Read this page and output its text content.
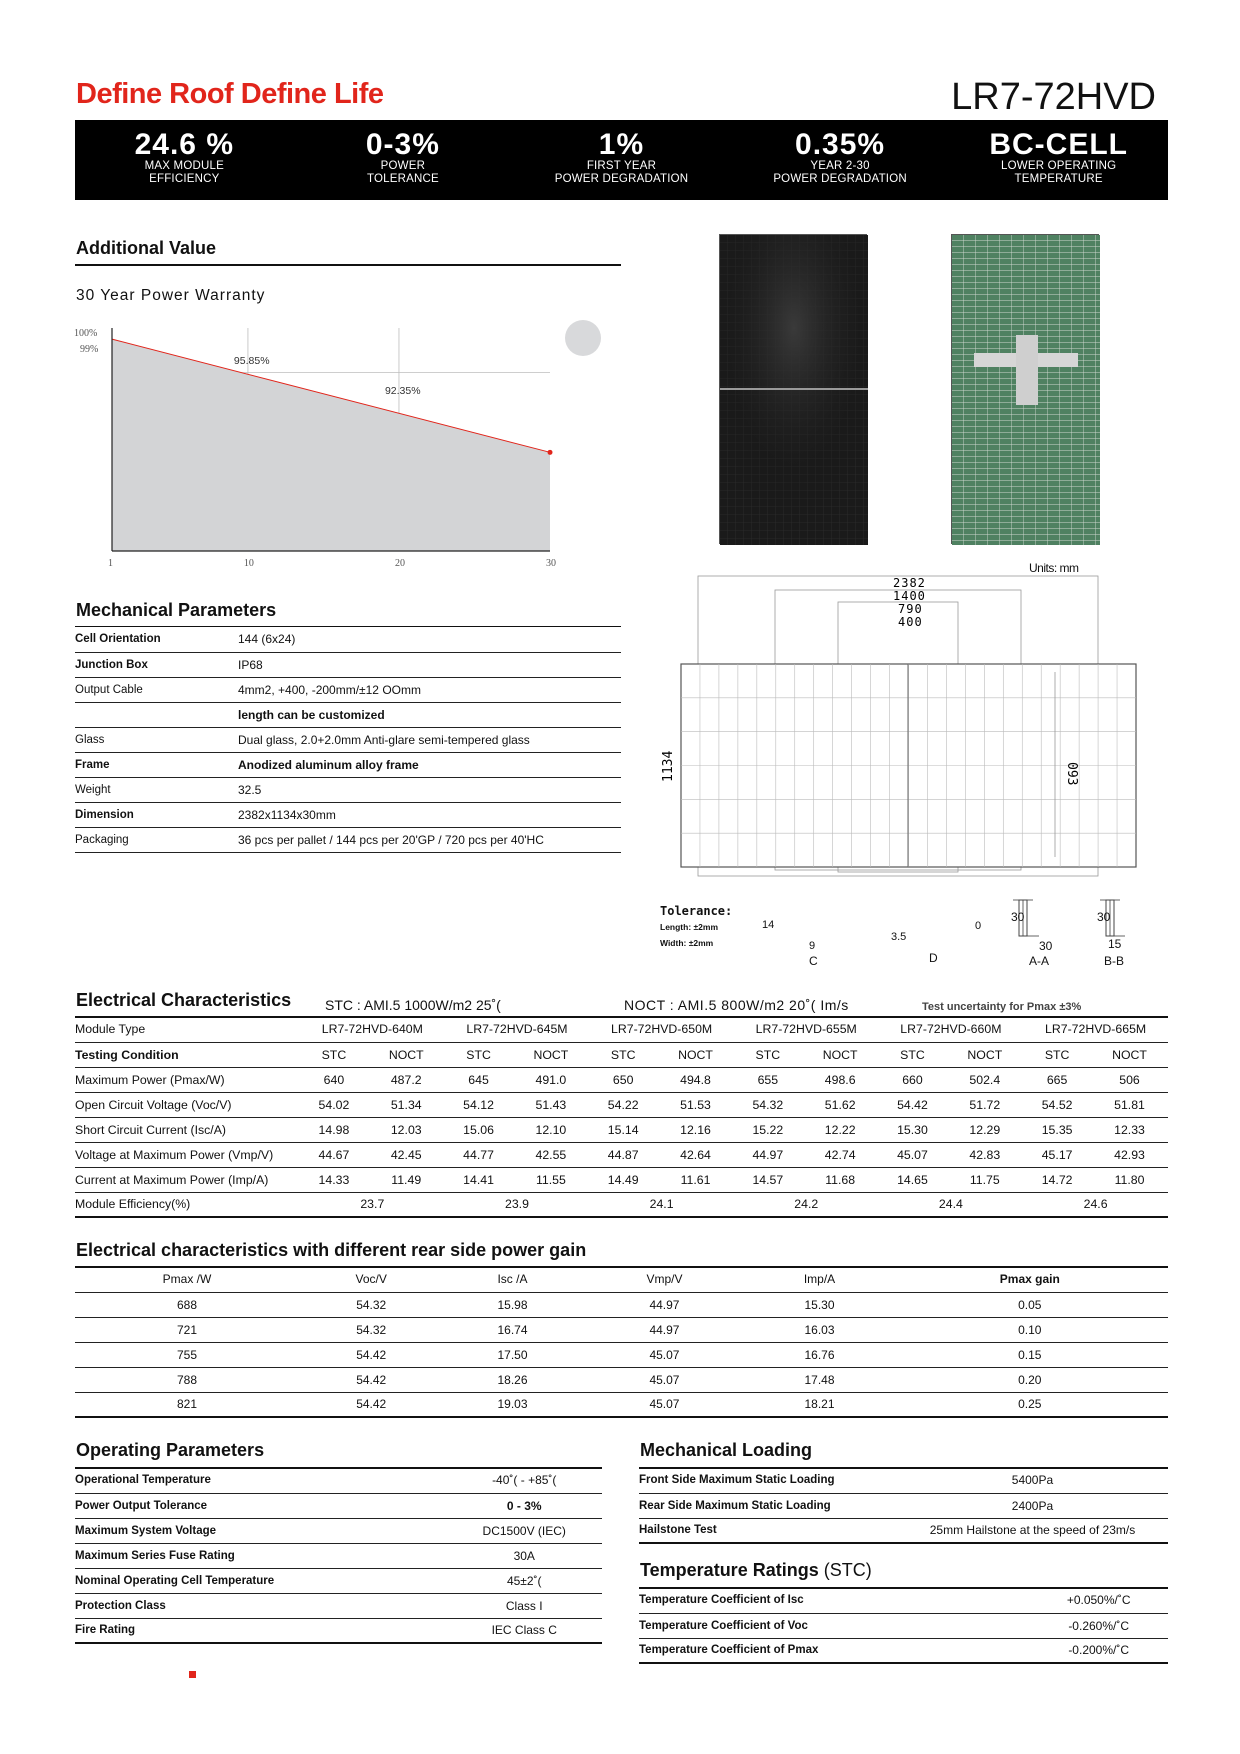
Define Roof Define Life	LR7-72HVD
24.6 %
MAX MODULE
EFFICIENCY
0-3%
POWER
TOLERANCE
1%
FIRST YEAR
POWER DEGRADATION
0.35%
YEAR 2-30
POWER DEGRADATION
BC-CELL
LOWER OPERATING
TEMPERATURE
Additional Value
30 Year Power Warranty
100%
99%
1	10	20	30
95.85%
92.35%
Units: mm
2382
1400
790
400
1134	093
Tolerance:
Length: ±2mm
Width: ±2mm
14
9
C
3.5
D
0
30	30
30	15
A-A	B-B
Mechanical Parameters
Cell Orientation	144 (6x24)
Junction Box	IP68
Output Cable	4mm2, +400, -200mm/±12 OOmm
	length can be customized
Glass	Dual glass, 2.0+2.0mm Anti-glare semi-tempered glass
Frame	Anodized aluminum alloy frame
Weight	32.5
Dimension	2382x1134x30mm
Packaging	36 pcs per pallet / 144 pcs per 20'GP / 720 pcs per 40'HC
Electrical Characteristics STC : AMI.5 1000W/m2 25˚(	NOCT : AMI.5 800W/m2 20˚( Im/s	Test uncertainty for Pmax ±3%
Module Type	LR7-72HVD-640M		LR7-72HVD-645M		LR7-72HVD-650M		LR7-72HVD-655M		LR7-72HVD-660M		LR7-72HVD-665M	
Testing Condition	STC	NOCT	STC	NOCT	STC	NOCT	STC	NOCT	STC	NOCT	STC	NOCT
Maximum Power (Pmax/W)	640	487.2	645	491.0	650	494.8	655	498.6	660	502.4	665	506
Open Circuit Voltage (Voc/V)	54.02	51.34	54.12	51.43	54.22	51.53	54.32	51.62	54.42	51.72	54.52	51.81
Short Circuit Current (Isc/A)	14.98	12.03	15.06	12.10	15.14	12.16	15.22	12.22	15.30	12.29	15.35	12.33
Voltage at Maximum Power (Vmp/V)	44.67	42.45	44.77	42.55	44.87	42.64	44.97	42.74	45.07	42.83	45.17	42.93
Current at Maximum Power (Imp/A)	14.33	11.49	14.41	11.55	14.49	11.61	14.57	11.68	14.65	11.75	14.72	11.80
Module Efficiency(%)	23.7		23.9		24.1		24.2		24.4		24.6	
Electrical characteristics with different rear side power gain
Pmax /W	Voc/V	Isc /A	Vmp/V	Imp/A	Pmax gain
688	54.32	15.98	44.97	15.30	0.05
721	54.32	16.74	44.97	16.03	0.10
755	54.42	17.50	45.07	16.76	0.15
788	54.42	18.26	45.07	17.48	0.20
821	54.42	19.03	45.07	18.21	0.25
Operating Parameters
Operational Temperature	-40˚( - +85˚(
Power Output Tolerance	0 - 3%
Maximum System Voltage	DC1500V (IEC)
Maximum Series Fuse Rating	30A
Nominal Operating Cell Temperature	45±2˚(
Protection Class	Class I
Fire Rating	IEC Class C
Mechanical Loading
Front Side Maximum Static Loading	5400Pa
Rear Side Maximum Static Loading	2400Pa
Hailstone Test	25mm Hailstone at the speed of 23m/s
Temperature Ratings (STC)
Temperature Coefficient of Isc	+0.050%/˚C
Temperature Coefficient of Voc	-0.260%/˚C
Temperature Coefficient of Pmax	-0.200%/˚C
